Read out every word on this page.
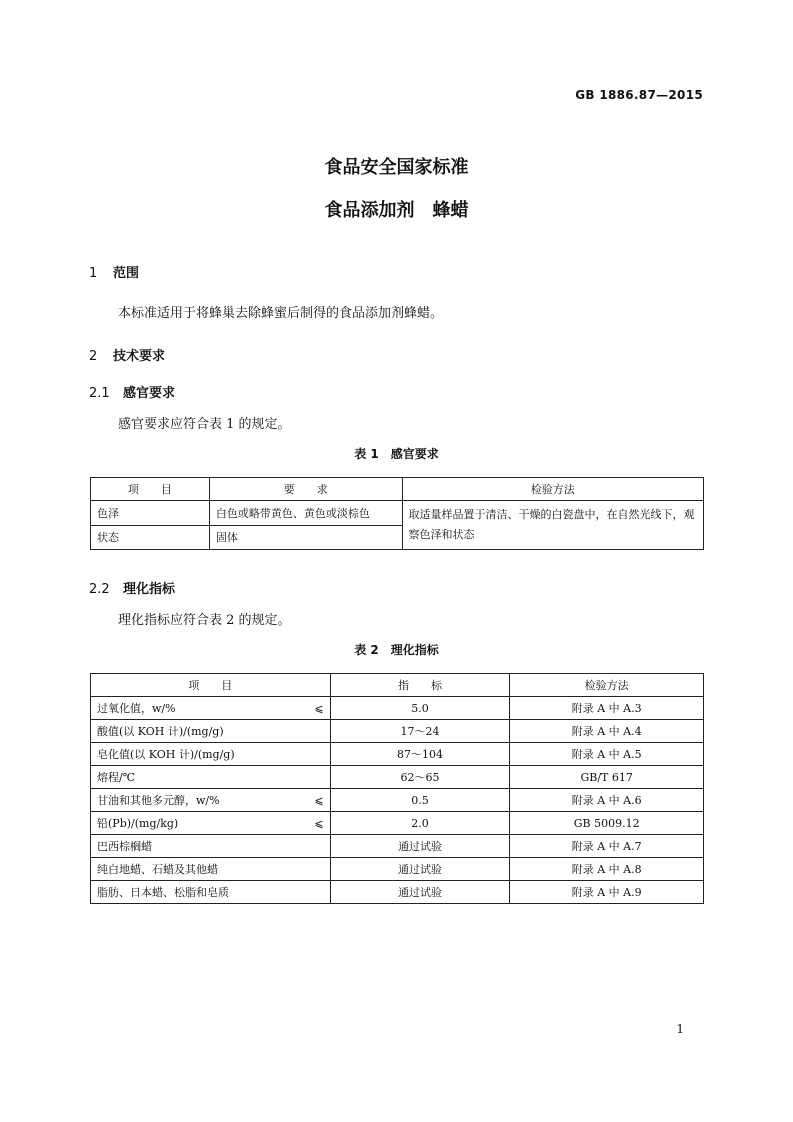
GB 1886.87—2015
食品安全国家标准
食品添加剂　蜂蜡
1 范围
本标准适用于将蜂巢去除蜂蜜后制得的食品添加剂蜂蜡。
2 技术要求
2.1 感官要求
感官要求应符合表 1 的规定。
表 1　感官要求
项　　目	要　　求	检验方法
色泽	白色或略带黄色、黄色或淡棕色	取适量样品置于清洁、干燥的白瓷盘中，在自然光线下，观察色泽和状态
状态	固体	
2.2 理化指标
理化指标应符合表 2 的规定。
表 2　理化指标
项　　目	指　　标	检验方法

过氧化值，w/% ⩽	5.0	附录 A 中 A.3

酸值(以 KOH 计)/(mg/g)	17～24	附录 A 中 A.4

皂化值(以 KOH 计)/(mg/g)	87～104	附录 A 中 A.5

熔程/℃	62～65	GB/T 617

甘油和其他多元醇，w/% ⩽	0.5	附录 A 中 A.6

铅(Pb)/(mg/kg) ⩽	2.0	GB 5009.12

巴西棕榈蜡	通过试验	附录 A 中 A.7

纯白地蜡、石蜡及其他蜡	通过试验	附录 A 中 A.8

脂肪、日本蜡、松脂和皂质	通过试验	附录 A 中 A.9
1
